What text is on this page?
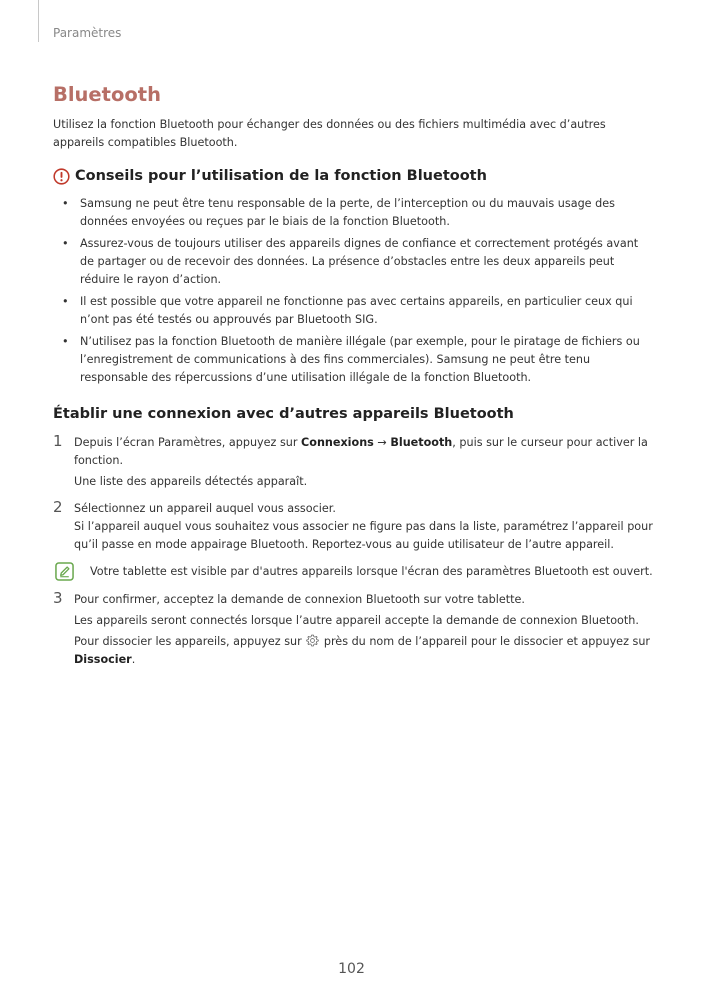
Paramètres
Bluetooth
Utilisez la fonction Bluetooth pour échanger des données ou des fichiers multimédia avec d’autres appareils compatibles Bluetooth.
Conseils pour l’utilisation de la fonction Bluetooth
• Samsung ne peut être tenu responsable de la perte, de l’interception ou du mauvais usage des données envoyées ou reçues par le biais de la fonction Bluetooth.
• Assurez-vous de toujours utiliser des appareils dignes de confiance et correctement protégés avant de partager ou de recevoir des données. La présence d’obstacles entre les deux appareils peut réduire le rayon d’action.
• Il est possible que votre appareil ne fonctionne pas avec certains appareils, en particulier ceux qui n’ont pas été testés ou approuvés par Bluetooth SIG.
• N’utilisez pas la fonction Bluetooth de manière illégale (par exemple, pour le piratage de fichiers ou l’enregistrement de communications à des fins commerciales). Samsung ne peut être tenu responsable des répercussions d’une utilisation illégale de la fonction Bluetooth.
Établir une connexion avec d’autres appareils Bluetooth
1 Depuis l’écran Paramètres, appuyez sur Connexions → Bluetooth, puis sur le curseur pour activer la fonction.

Une liste des appareils détectés apparaît.

2 Sélectionnez un appareil auquel vous associer.

Si l’appareil auquel vous souhaitez vous associer ne figure pas dans la liste, paramétrez l’appareil pour qu’il passe en mode appairage Bluetooth. Reportez-vous au guide utilisateur de l’autre appareil.

Votre tablette est visible par d'autres appareils lorsque l'écran des paramètres Bluetooth est ouvert.
3 Pour confirmer, acceptez la demande de connexion Bluetooth sur votre tablette.

Les appareils seront connectés lorsque l’autre appareil accepte la demande de connexion Bluetooth.

Pour dissocier les appareils, appuyez sur  près du nom de l’appareil pour le dissocier et appuyez sur Dissocier.

102
